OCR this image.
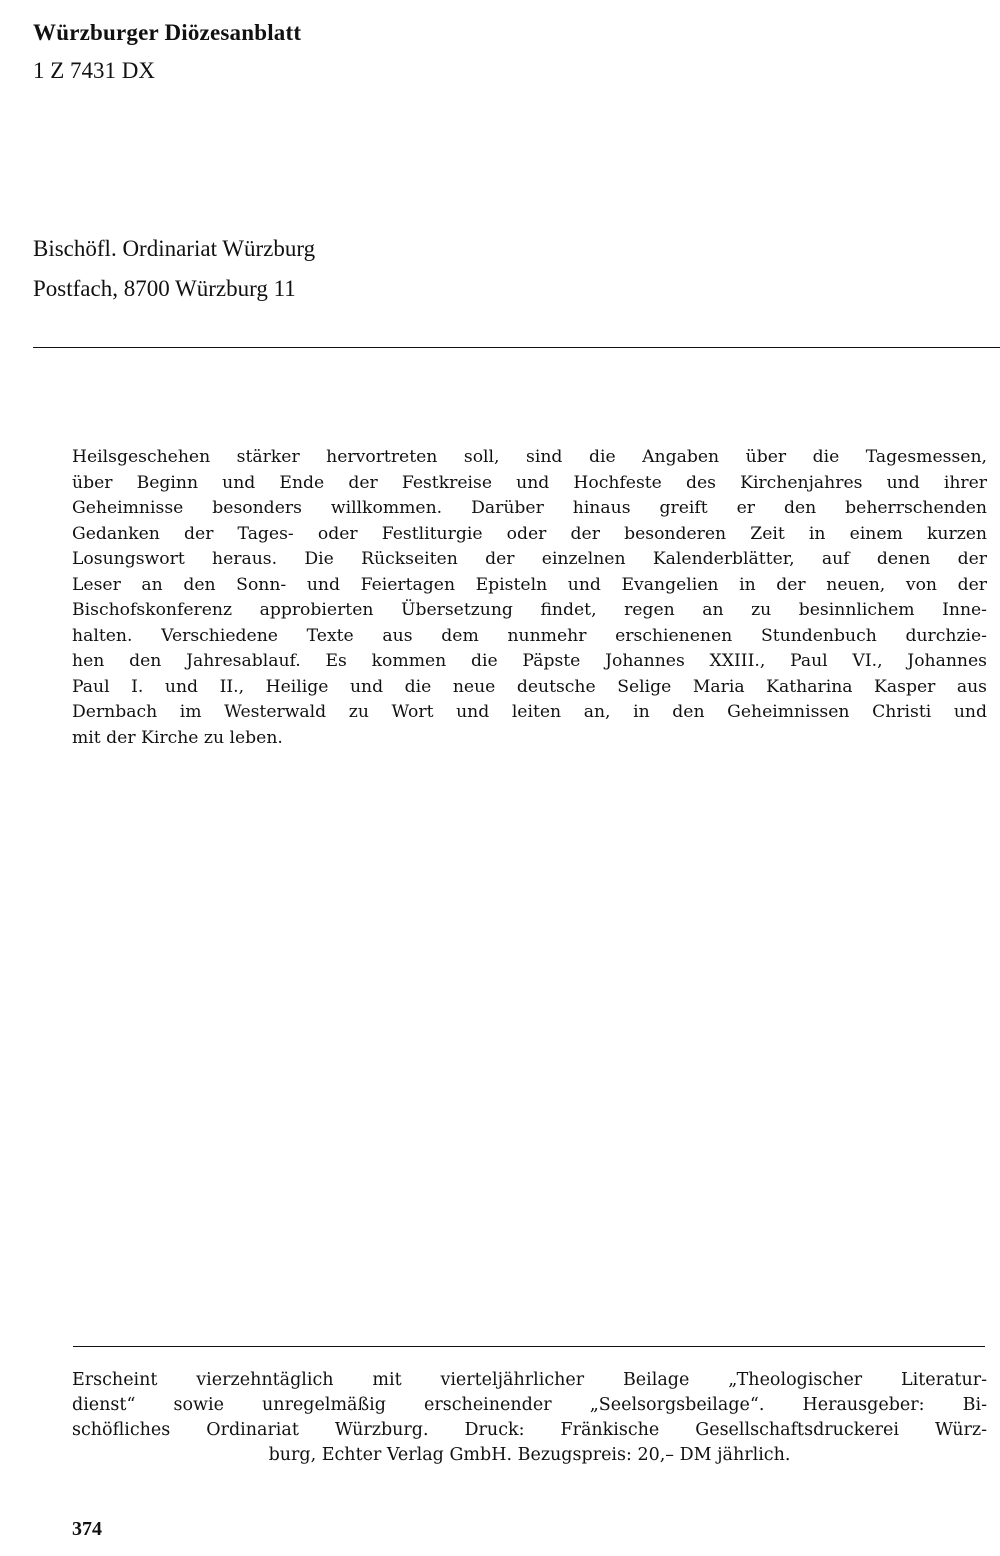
Würzburger Diözesanblatt
1 Z 7431 DX
Bischöfl. Ordinariat Würzburg
Postfach, 8700 Würzburg 11
Heilsgeschehen stärker hervortreten soll, sind die Angaben über die Tagesmessen,
über Beginn und Ende der Festkreise und Hochfeste des Kirchenjahres und ihrer
Geheimnisse besonders willkommen. Darüber hinaus greift er den beherrschenden
Gedanken der Tages- oder Festliturgie oder der besonderen Zeit in einem kurzen
Losungswort heraus. Die Rückseiten der einzelnen Kalenderblätter, auf denen der
Leser an den Sonn- und Feiertagen Episteln und Evangelien in der neuen, von der
Bischofskonferenz approbierten Übersetzung findet, regen an zu besinnlichem Inne-
halten. Verschiedene Texte aus dem nunmehr erschienenen Stundenbuch durchzie-
hen den Jahresablauf. Es kommen die Päpste Johannes XXIII., Paul VI., Johannes
Paul I. und II., Heilige und die neue deutsche Selige Maria Katharina Kasper aus
Dernbach im Westerwald zu Wort und leiten an, in den Geheimnissen Christi und
mit der Kirche zu leben.
Erscheint vierzehntäglich mit vierteljährlicher Beilage „Theologischer Literatur-
dienst“ sowie unregelmäßig erscheinender „Seelsorgsbeilage“. Herausgeber: Bi-
schöfliches Ordinariat Würzburg. Druck: Fränkische Gesellschaftsdruckerei Würz-
burg, Echter Verlag GmbH. Bezugspreis: 20,– DM jährlich.
374
